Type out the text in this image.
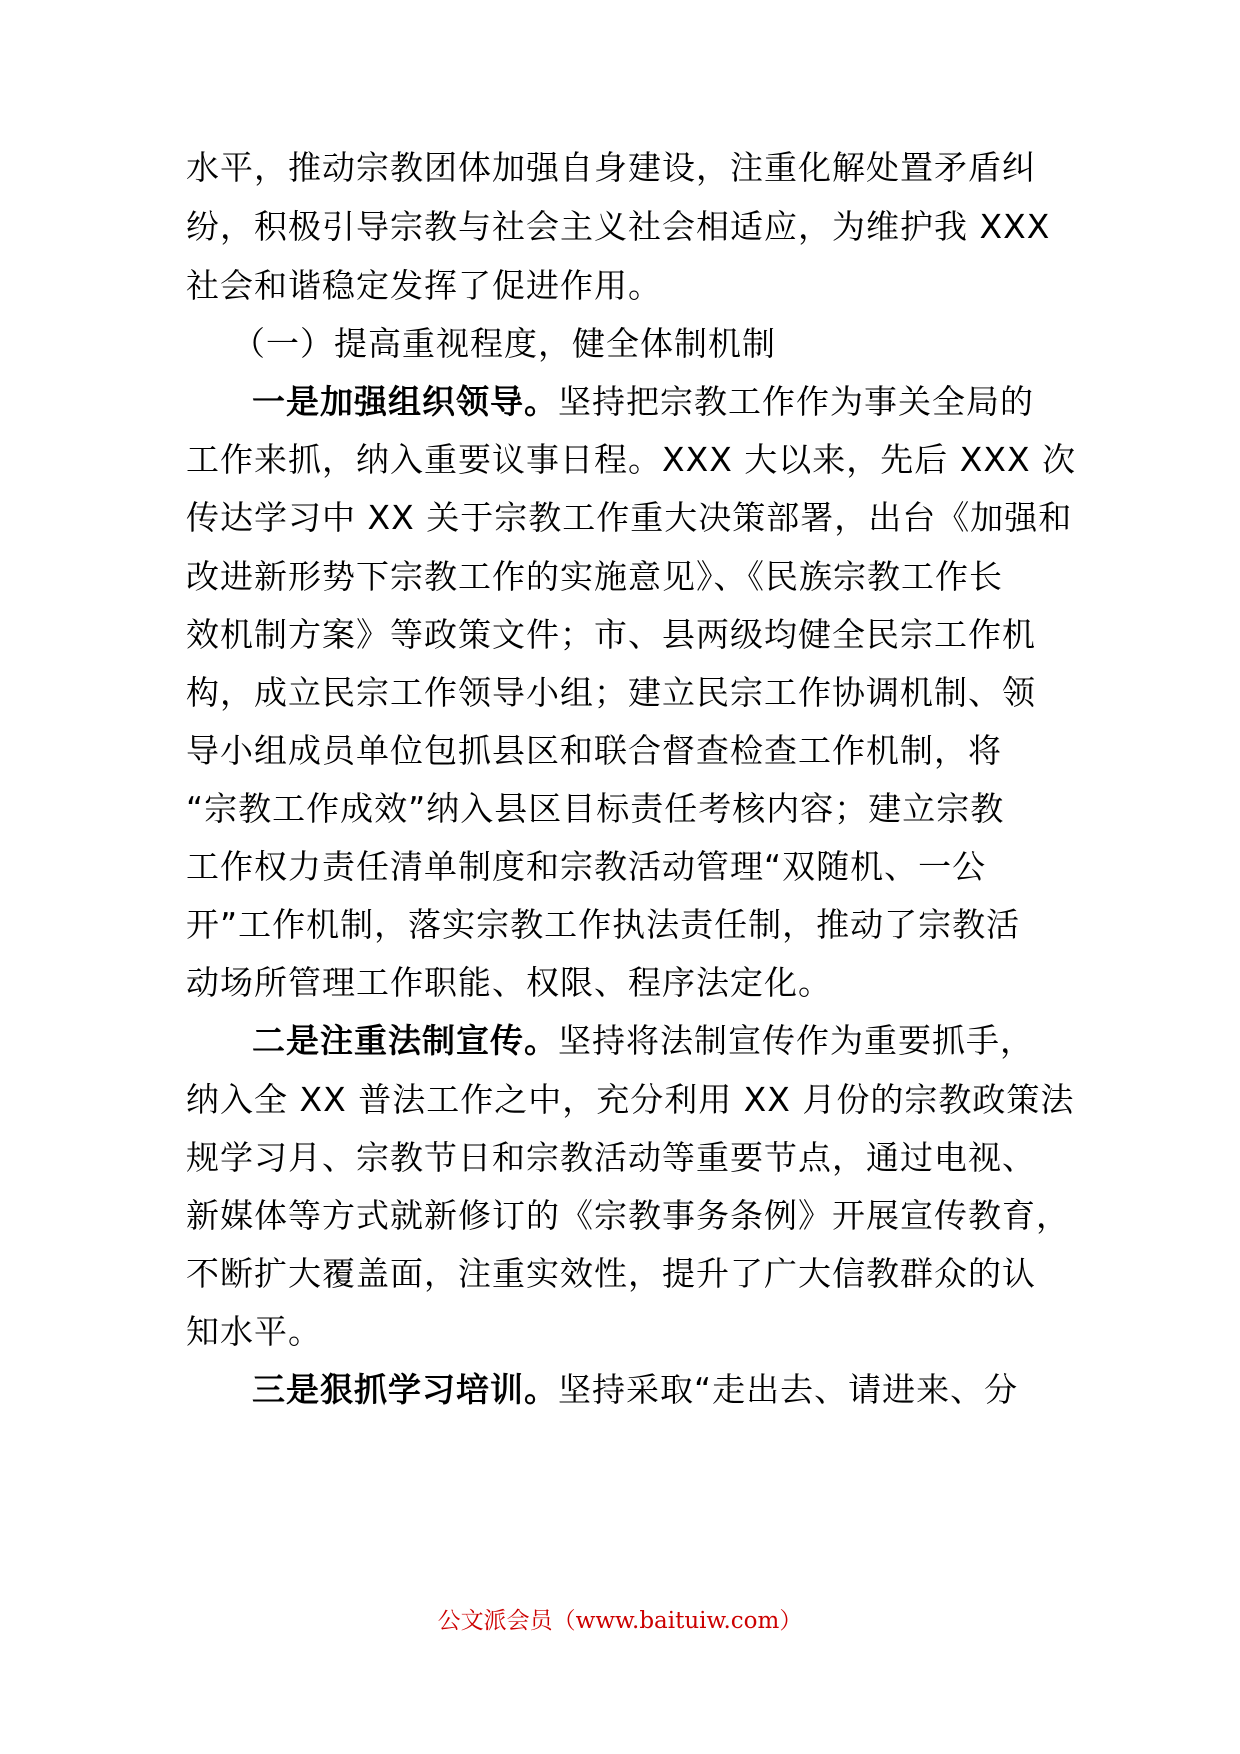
水平，推动宗教团体加强自身建设，注重化解处置矛盾纠
纷，积极引导宗教与社会主义社会相适应，为维护我 XXX
社会和谐稳定发挥了促进作用。
（一）提高重视程度，健全体制机制
一是加强组织领导。坚持把宗教工作作为事关全局的
工作来抓，纳入重要议事日程。XXX 大以来，先后 XXX 次
传达学习中 XX 关于宗教工作重大决策部署，出台《加强和
改进新形势下宗教工作的实施意见》、《民族宗教工作长
效机制方案》等政策文件；市、县两级均健全民宗工作机
构，成立民宗工作领导小组；建立民宗工作协调机制、领
导小组成员单位包抓县区和联合督查检查工作机制，将
“宗教工作成效”纳入县区目标责任考核内容；建立宗教
工作权力责任清单制度和宗教活动管理“双随机、一公
开”工作机制，落实宗教工作执法责任制，推动了宗教活
动场所管理工作职能、权限、程序法定化。
二是注重法制宣传。坚持将法制宣传作为重要抓手，
纳入全 XX 普法工作之中，充分利用 XX 月份的宗教政策法
规学习月、宗教节日和宗教活动等重要节点，通过电视、
新媒体等方式就新修订的《宗教事务条例》开展宣传教育，
不断扩大覆盖面，注重实效性，提升了广大信教群众的认
知水平。
三是狠抓学习培训。坚持采取“走出去、请进来、分
公文派会员（www.baituiw.com）
